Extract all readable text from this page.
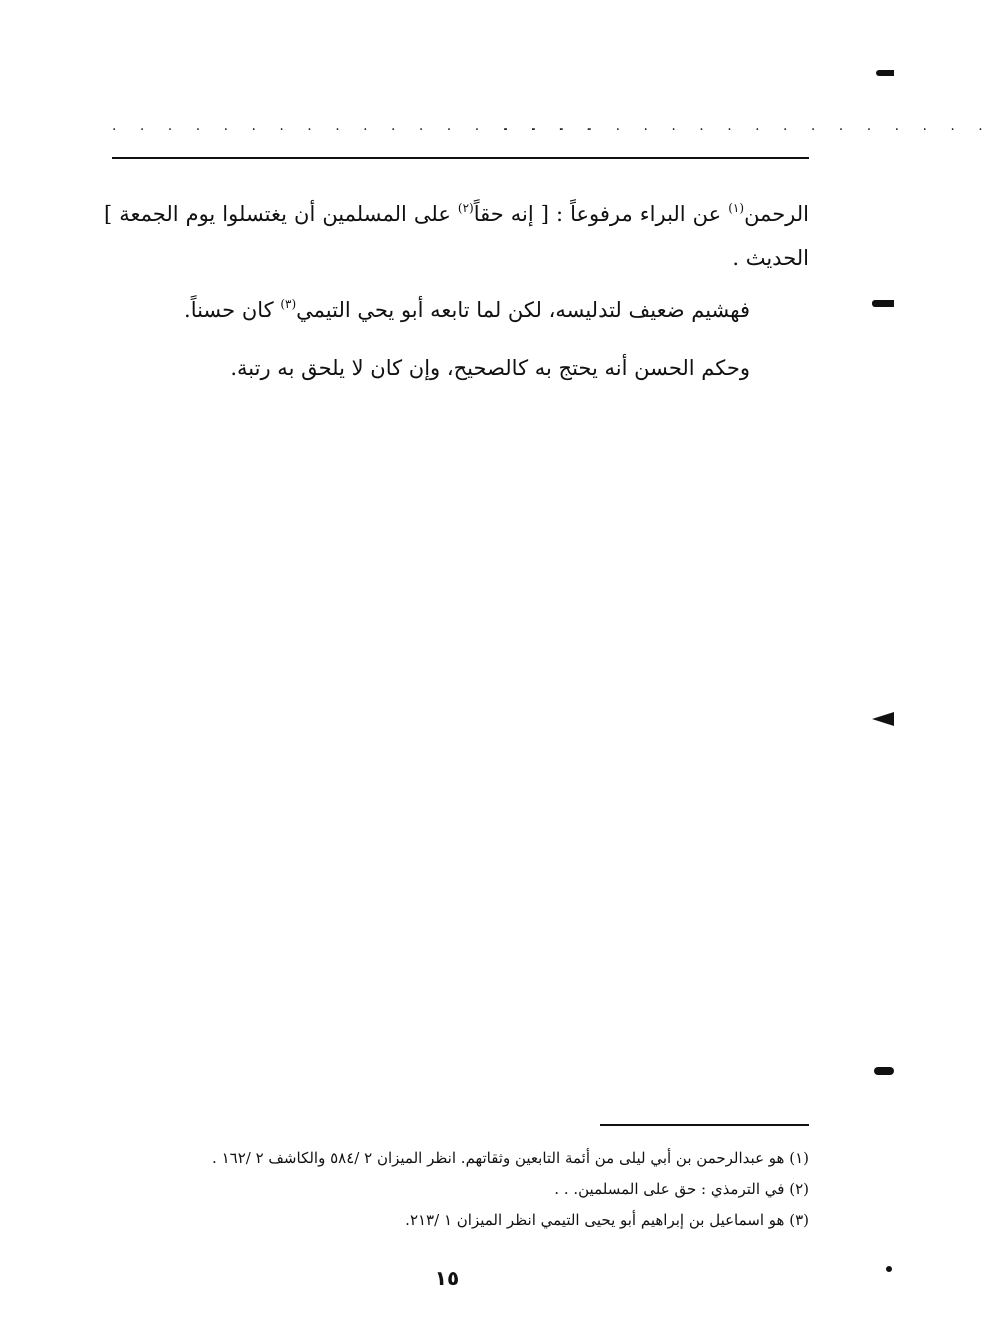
· · · · · · · · · · · · · · · · · ·
· · · · · · · · · · · · · · · · · ·
الرحمن$^{(١)}$ عن البراء مرفوعاً : [ إنه حقاً$^{(٢)}$ على المسلمين أن يغتسلوا يوم الجمعة ] الحديث .
فهشيم ضعيف لتدليسه، لكن لما تابعه أبو يحي التيمي$^{(٣)}$ كان حسناً.
وحكم الحسن أنه يحتج به كالصحيح، وإن كان لا يلحق به رتبة.
(١) هو عبدالرحمن بن أبي ليلى من أئمة التابعين وثقاتهم. انظر الميزان ٢ /٥٨٤ والكاشف ٢ /١٦٢ .
(٢) في الترمذي : حق على المسلمين. . .
(٣) هو اسماعيل بن إبراهيم أبو يحيى التيمي انظر الميزان ١ /٢١٣.
١٥
